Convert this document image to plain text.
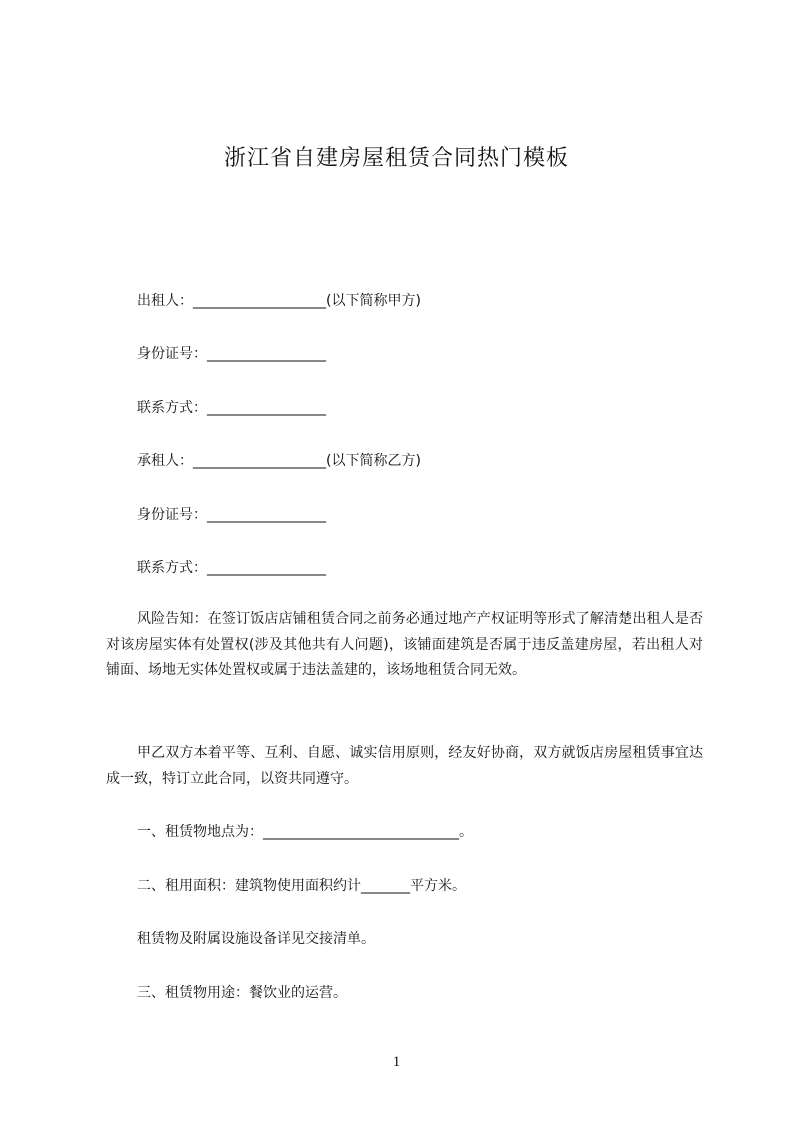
浙江省自建房屋租赁合同热门模板
出租人：___________________(以下简称甲方)
身份证号：_________________
联系方式：_________________
承租人：___________________(以下简称乙方)
身份证号：_________________
联系方式：_________________
风险告知：在签订饭店店铺租赁合同之前务必通过地产产权证明等形式了解清楚出租人是否对该房屋实体有处置权(涉及其他共有人问题)，该铺面建筑是否属于违反盖建房屋，若出租人对铺面、场地无实体处置权或属于违法盖建的，该场地租赁合同无效。
甲乙双方本着平等、互利、自愿、诚实信用原则，经友好协商，双方就饭店房屋租赁事宜达成一致，特订立此合同，以资共同遵守。
一、租赁物地点为：____________________________。
二、租用面积：建筑物使用面积约计_______平方米。
租赁物及附属设施设备详见交接清单。
三、租赁物用途：餐饮业的运营。
1
